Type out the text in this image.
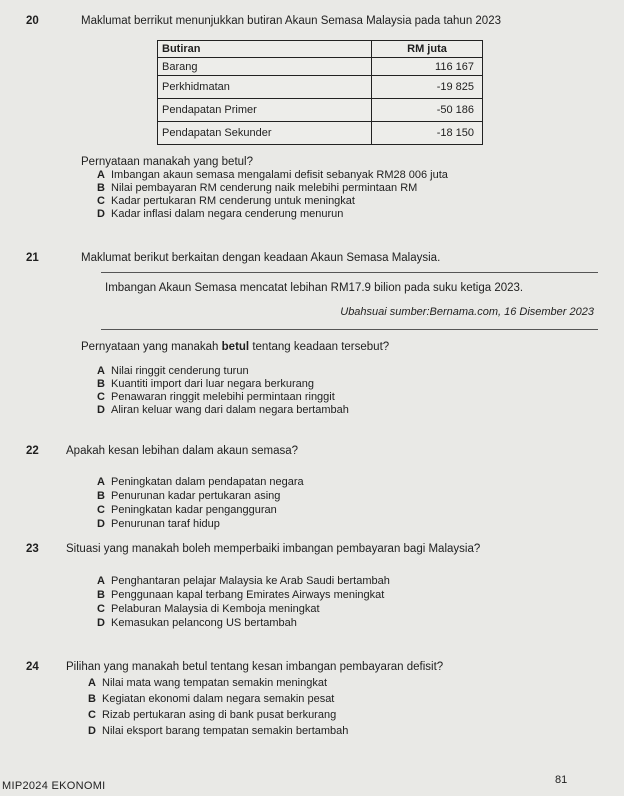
20	Maklumat berrikut menunjukkan butiran Akaun Semasa Malaysia pada tahun 2023
Butiran	RM juta
Barang	116 167
Perkhidmatan	-19 825
Pendapatan Primer	-50 186
Pendapatan Sekunder	-18 150
Pernyataan manakah yang betul?
A Imbangan akaun semasa mengalami defisit sebanyak RM28 006 juta
B Nilai pembayaran RM cenderung naik melebihi permintaan RM
C Kadar pertukaran RM cenderung untuk meningkat
D Kadar inflasi dalam negara cenderung menurun
21	Maklumat berikut berkaitan dengan keadaan Akaun Semasa Malaysia.
Imbangan Akaun Semasa mencatat lebihan RM17.9 bilion pada suku ketiga 2023.
Ubahsuai sumber:Bernama.com, 16 Disember 2023
Pernyataan yang manakah betul tentang keadaan tersebut?
A Nilai ringgit cenderung turun
B Kuantiti import dari luar negara berkurang
C Penawaran ringgit melebihi permintaan ringgit
D Aliran keluar wang dari dalam negara bertambah
22 Apakah kesan lebihan dalam akaun semasa?
A Peningkatan dalam pendapatan negara
B Penurunan kadar pertukaran asing
C Peningkatan kadar pengangguran
D Penurunan taraf hidup
23 Situasi yang manakah boleh memperbaiki imbangan pembayaran bagi Malaysia?
A Penghantaran pelajar Malaysia ke Arab Saudi bertambah
B Penggunaan kapal terbang Emirates Airways meningkat
C Pelaburan Malaysia di Kemboja meningkat
D Kemasukan pelancong US bertambah
24 Pilihan yang manakah betul tentang kesan imbangan pembayaran defisit?
A Nilai mata wang tempatan semakin meningkat
B Kegiatan ekonomi dalam negara semakin pesat
C Rizab pertukaran asing di bank pusat berkurang
D Nilai eksport barang tempatan semakin bertambah
MIP2024 EKONOMI	81
